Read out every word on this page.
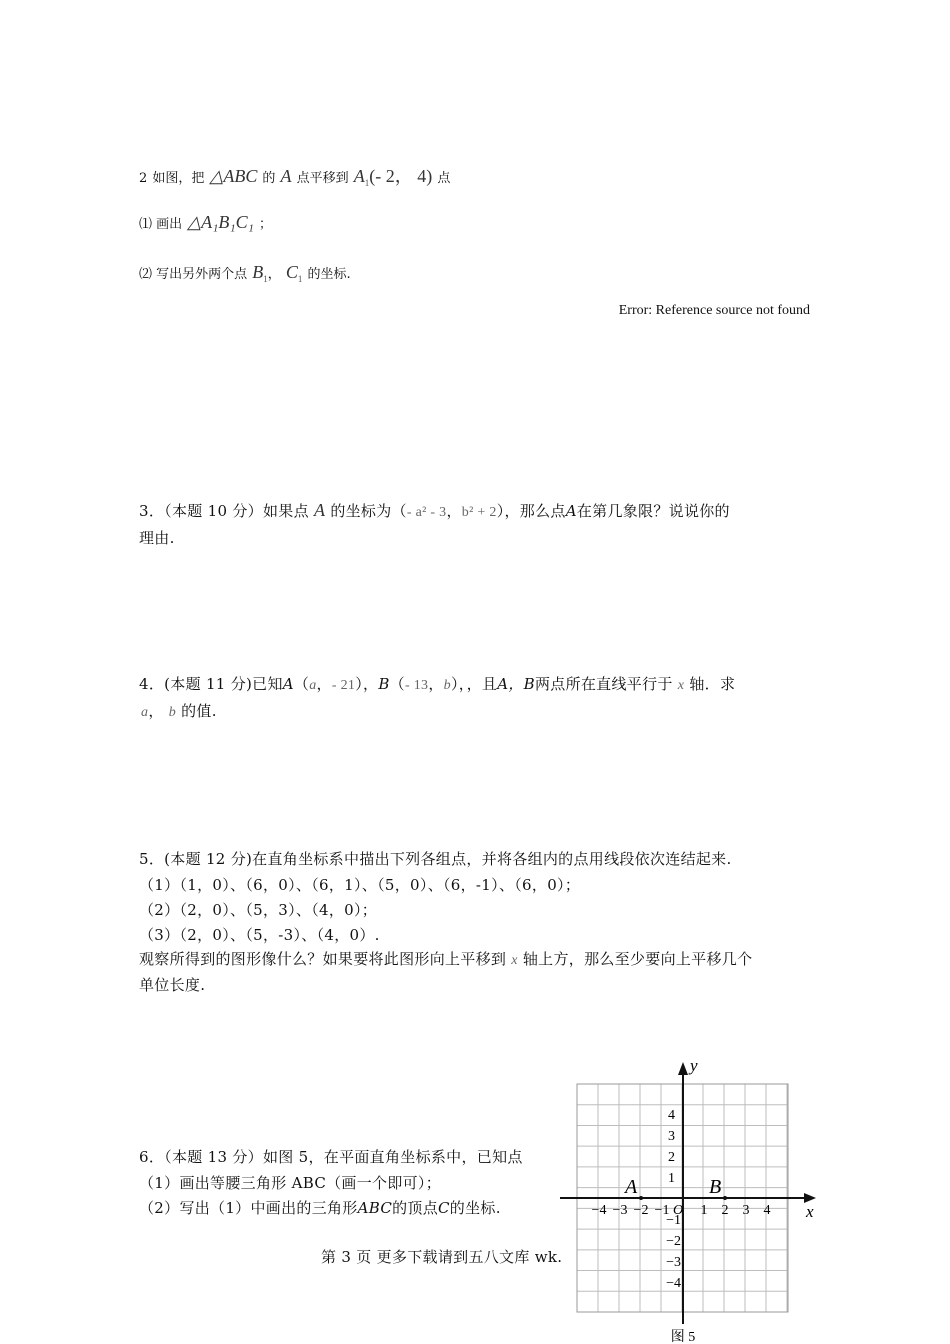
2 如图，把 △ABC 的 A 点平移到 $A_1(-$ 2， 4) 点
⑴ 画出 △A₁B₁C₁ ；
⑵ 写出另外两个点 $B_1$， $C_1$ 的坐标.
Error: Reference source not found
3．（本题 10 分）如果点 A 的坐标为（- a² - 3，b² + 2），那么点A在第几象限？说说你的
理由.
4．(本题 11 分)已知A（a，- 21），B（- 13，b），，且A，B两点所在直线平行于 x 轴．求
a， b 的值.
5．(本题 12 分)在直角坐标系中描出下列各组点，并将各组内的点用线段依次连结起来.
（1）（1，0）、（6，0）、（6，1）、（5，0）、（6，-1）、（6，0）；
（2）（2，0）、（5，3）、（4，0）；
（3）（2，0）、（5，-3）、（4，0）.
观察所得到的图形像什么？如果要将此图形向上平移到 x 轴上方，那么至少要向上平移几个
单位长度.
6．（本题 13 分）如图 5，在平面直角坐标系中，已知点
（1）画出等腰三角形 ABC（画一个即可）；
（2）写出（1）中画出的三角形ABC的顶点C的坐标.
第 3 页 更多下载请到五八文库 wk.
x
y
−4 −3 −2 −1 1 2 3 4
O
1
2
3
4
−1
−2
−3
−4
图 5
A	B
